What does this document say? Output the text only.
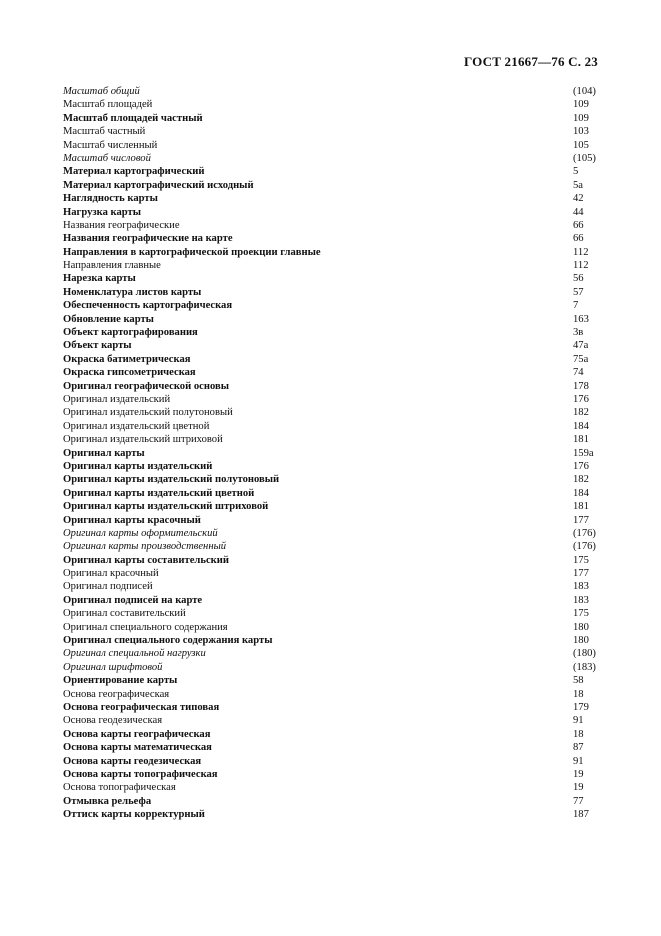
ГОСТ 21667—76 С. 23
Масштаб общий	(104)
Масштаб площадей	109
Масштаб площадей частный	109
Масштаб частный	103
Масштаб численный	105
Масштаб числовой	(105)
Материал картографический	5
Материал картографический исходный	5а
Наглядность карты	42
Нагрузка карты	44
Названия географические	66
Названия географические на карте	66
Направления в картографической проекции главные	112
Направления главные	112
Нарезка карты	56
Номенклатура листов карты	57
Обеспеченность картографическая	7
Обновление карты	163
Объект картографирования	3в
Объект карты	47а
Окраска батиметрическая	75а
Окраска гипсометрическая	74
Оригинал географической основы	178
Оригинал издательский	176
Оригинал издательский полутоновый	182
Оригинал издательский цветной	184
Оригинал издательский штриховой	181
Оригинал карты	159а
Оригинал карты издательский	176
Оригинал карты издательский полутоновый	182
Оригинал карты издательский цветной	184
Оригинал карты издательский штриховой	181
Оригинал карты красочный	177
Оригинал карты оформительский	(176)
Оригинал карты производственный	(176)
Оригинал карты составительский	175
Оригинал красочный	177
Оригинал подписей	183
Оригинал подписей на карте	183
Оригинал составительский	175
Оригинал специального содержания	180
Оригинал специального содержания карты	180
Оригинал специальной нагрузки	(180)
Оригинал шрифтовой	(183)
Ориентирование карты	58
Основа географическая	18
Основа географическая типовая	179
Основа геодезическая	91
Основа карты географическая	18
Основа карты математическая	87
Основа карты геодезическая	91
Основа карты топографическая	19
Основа топографическая	19
Отмывка рельефа	77
Оттиск карты корректурный	187
